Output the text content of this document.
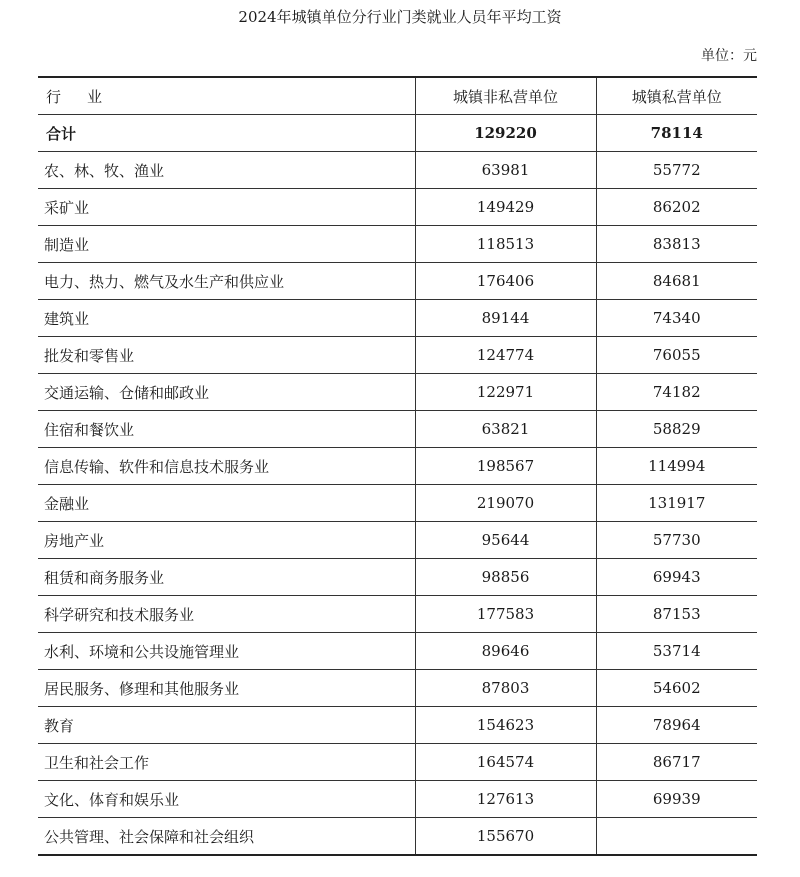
2024年城镇单位分行业门类就业人员年平均工资
单位：元
行 业	城镇非私营单位	城镇私营单位
合计	129220	78114
农、林、牧、渔业	63981	55772
采矿业	149429	86202
制造业	118513	83813
电力、热力、燃气及水生产和供应业	176406	84681
建筑业	89144	74340
批发和零售业	124774	76055
交通运输、仓储和邮政业	122971	74182
住宿和餐饮业	63821	58829
信息传输、软件和信息技术服务业	198567	114994
金融业	219070	131917
房地产业	95644	57730
租赁和商务服务业	98856	69943
科学研究和技术服务业	177583	87153
水利、环境和公共设施管理业	89646	53714
居民服务、修理和其他服务业	87803	54602
教育	154623	78964
卫生和社会工作	164574	86717
文化、体育和娱乐业	127613	69939
公共管理、社会保障和社会组织	155670	
